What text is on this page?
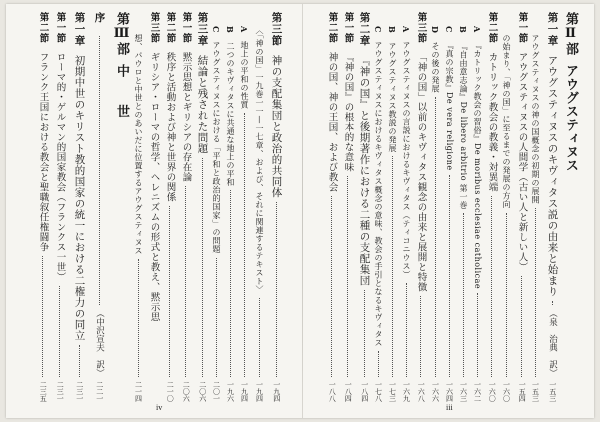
第三節
神の支配集団と政治的共同体
一九四
〈「神の国」一九巻一一—一七章、および、それに関連するテキスト〉
一九四
A
地上の平和の性質
一九四
B
二つのキヴィタスに共通な地上の平和
一九六
C
アウグスティヌスにおける「平和と政治的国家」の問題
二〇一
第三章
結論と残された問題
二〇六
第一節
黙示思想とギリシアの存在論
二〇六
第二節
秩序と活動および神と世界の関係
二一〇
第三節
ギリシア・ローマの哲学、ヘレニズムの形式と教え、黙示思
想、パウロと中世とのあいだに位置するアウグスティヌス
二一四
第Ⅲ部
中　　世
序
（中沢宣夫　訳）
二二一
第一章
初期中世のキリスト教的国家の統一における二権力の同立
二三一
第一節
ローマ的・ゲルマン的国家教会（フランクス一世）
二三一
第二節
フランク王国における教会と聖職叙任権闘争
二三五
第Ⅱ部
アウグスティヌス
第一章
アウグスティヌスのキヴィタス説の由来と始まり
（泉　治典　訳）
一五三
アウグスティヌスの神の国概念の初期の展開
一五三
第一節
アウグスティヌスの人間学（古い人と新しい人）
一五四
の始まり、「神の国」に至るまでの発展の方向
一六〇
第二節
カトリック教会の教義・対異端
一六〇
A
『カトリック教会の習俗』De moribus ecclesiae catholicae
一六二
B
『自由意志論』De libero arbitrio 第一巻
一六三
C
『真の宗教』De vera religione
一六四
D
その後の発展
一六六
第三節
「神の国」以前のキヴィタス観念の由来と展開と特徴
一六八
A
アウグスティヌスの言説におけるキヴィタス（ティコニウス）
一六九
B
アウグスティヌス教説の発展
一七三
C
アウグスティヌスにおけるキヴィタス概念の意味、教会の手引となるキヴィタス
一七八
第二章
『神の国』と後期著作における二種の支配集団
一八四
第一節
『神の国』の根本的な意味
一八四
第二節
神の国、神の王国、および教会
一八八
iv	iii
